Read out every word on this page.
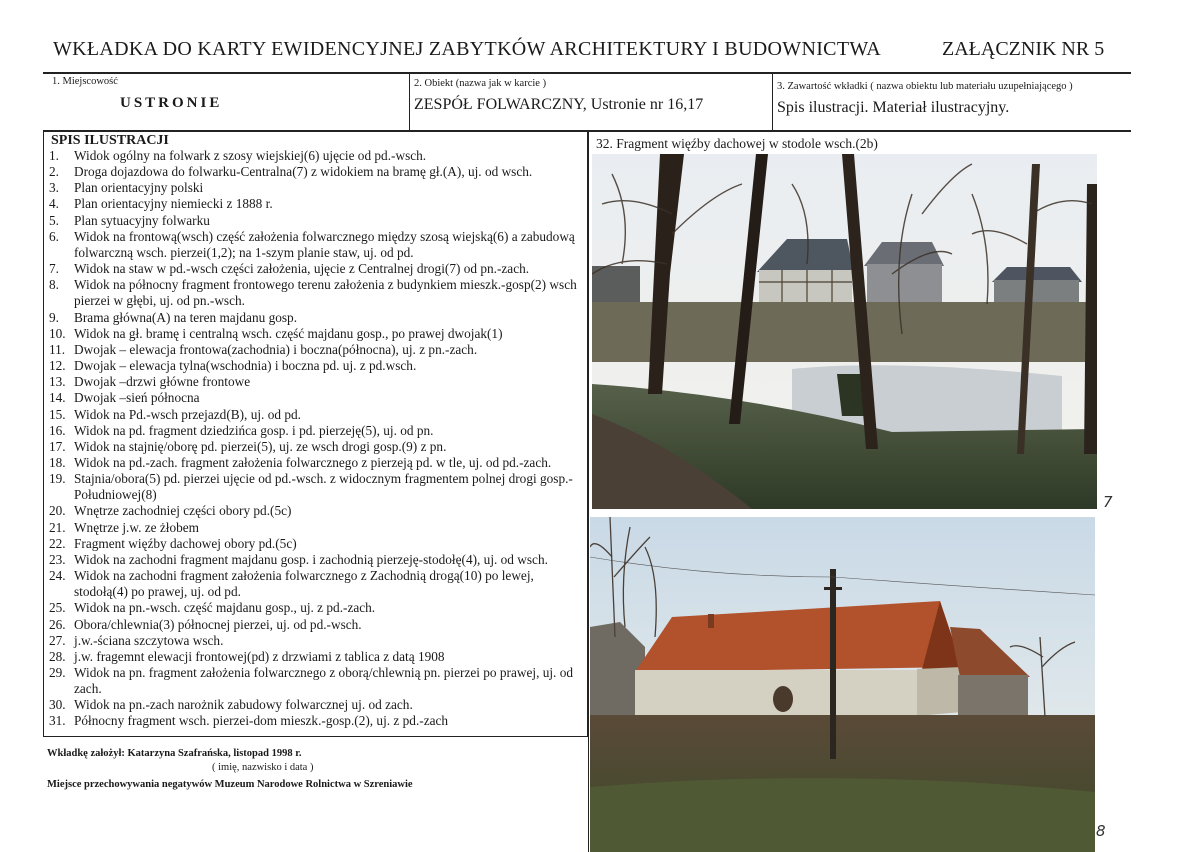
WKŁADKA DO KARTY EWIDENCYJNEJ ZABYTKÓW ARCHITEKTURY I BUDOWNICTWA	ZAŁĄCZNIK NR 5
1. Miejscowość
USTRONIE
2. Obiekt (nazwa jak w karcie )
ZESPÓŁ FOLWARCZNY, Ustronie nr 16,17
3. Zawartość wkładki ( nazwa obiektu lub materiału uzupełniającego )
Spis ilustracji. Materiał ilustracyjny.
SPIS ILUSTRACJI
1. Widok ogólny na folwark z szosy wiejskiej(6) ujęcie od pd.-wsch.
2. Droga dojazdowa do folwarku-Centralna(7) z widokiem na bramę gł.(A), uj. od wsch.
3. Plan orientacyjny polski
4. Plan orientacyjny niemiecki z 1888 r.
5. Plan sytuacyjny folwarku
6. Widok na frontową(wsch) część założenia folwarcznego między szosą wiejską(6) a zabudową folwarczną wsch. pierzei(1,2); na 1-szym planie staw, uj. od pd.
7. Widok na staw w pd.-wsch części założenia, ujęcie z Centralnej drogi(7) od pn.-zach.
8. Widok na północny fragment frontowego terenu założenia z budynkiem mieszk.-gosp(2) wsch pierzei w głębi, uj. od pn.-wsch.
9. Brama główna(A) na teren majdanu gosp.
10. Widok na gł. bramę i centralną wsch. część majdanu gosp., po prawej dwojak(1)
11. Dwojak – elewacja frontowa(zachodnia) i boczna(północna), uj. z pn.-zach.
12. Dwojak – elewacja tylna(wschodnia) i boczna pd. uj. z pd.wsch.
13. Dwojak –drzwi główne frontowe
14. Dwojak –sień północna
15. Widok na Pd.-wsch przejazd(B), uj. od pd.
16. Widok na pd. fragment dziedzińca gosp. i pd. pierzeję(5), uj. od pn.
17. Widok na stajnię/oborę pd. pierzei(5), uj. ze wsch drogi gosp.(9) z pn.
18. Widok na pd.-zach. fragment założenia folwarcznego z pierzeją pd. w tle, uj. od pd.-zach.
19. Stajnia/obora(5) pd. pierzei ujęcie od pd.-wsch. z widocznym fragmentem polnej drogi gosp.-Południowej(8)
20. Wnętrze zachodniej części obory pd.(5c)
21. Wnętrze j.w. ze żłobem
22. Fragment więźby dachowej obory pd.(5c)
23. Widok na zachodni fragment majdanu gosp. i zachodnią pierzeję-stodołę(4), uj. od wsch.
24. Widok na zachodni fragment założenia folwarcznego z Zachodnią drogą(10) po lewej, stodołą(4) po prawej, uj. od pd.
25. Widok na pn.-wsch. część majdanu gosp., uj. z pd.-zach.
26. Obora/chlewnia(3) północnej pierzei, uj. od pd.-wsch.
27. j.w.-ściana szczytowa wsch.
28. j.w. fragemnt elewacji frontowej(pd) z drzwiami z tablica z datą 1908
29. Widok na pn. fragment założenia folwarcznego z oborą/chlewnią pn. pierzei po prawej, uj. od zach.
30. Widok na pn.-zach narożnik zabudowy folwarcznej uj. od zach.
31. Północny fragment wsch. pierzei-dom mieszk.-gosp.(2), uj. z pd.-zach
Wkładkę założył: Katarzyna Szafrańska, listopad 1998 r.
( imię, nazwisko i data )
Miejsce przechowywania negatywów Muzeum Narodowe Rolnictwa w Szreniawie
32. Fragment więźby dachowej w stodole wsch.(2b)
7
8
